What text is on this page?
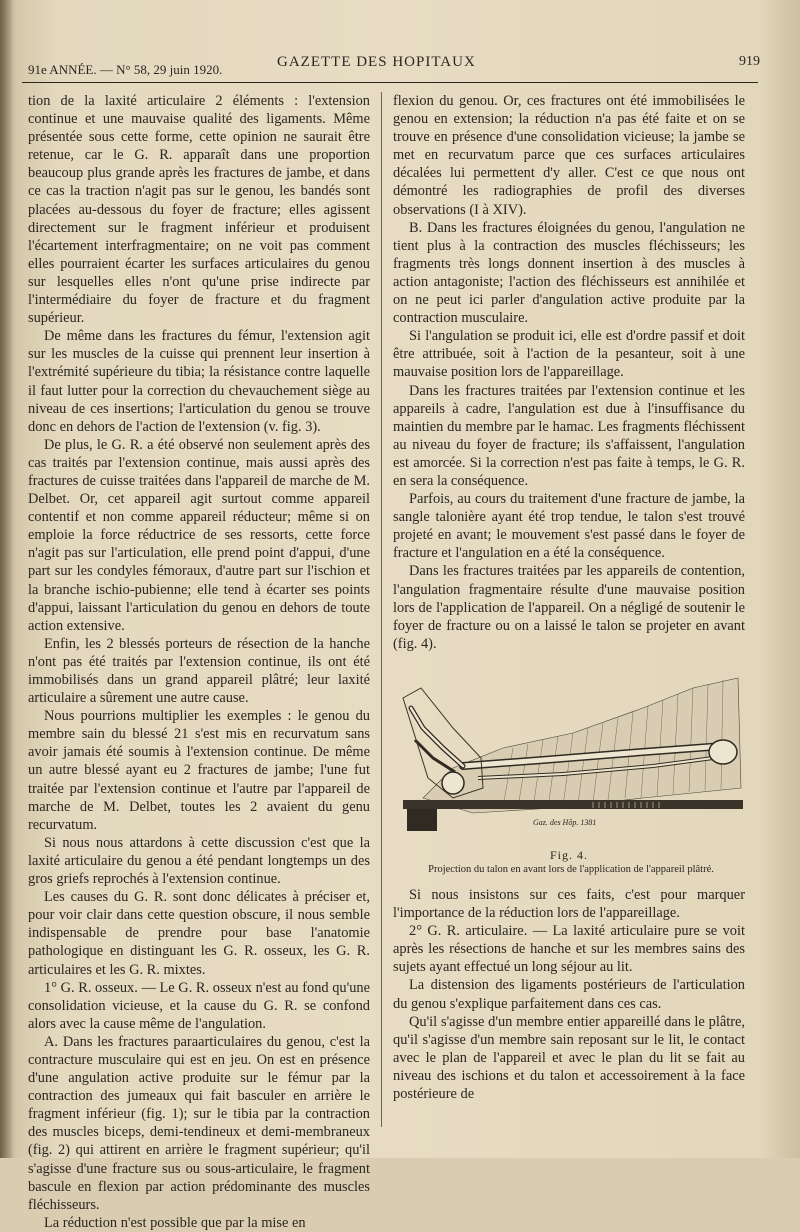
91e ANNÉE. — N° 58, 29 juin 1920.	GAZETTE DES HOPITAUX	919

tion de la laxité articulaire 2 éléments : l'extension continue et une mauvaise qualité des ligaments. Même présentée sous cette forme, cette opinion ne saurait être retenue, car le G. R. apparaît dans une proportion beaucoup plus grande après les fractures de jambe, et dans ce cas la traction n'agit pas sur le genou, les bandés sont placées au-dessous du foyer de fracture; elles agissent directement sur le fragment inférieur et produisent l'écartement interfragmentaire; on ne voit pas comment elles pourraient écarter les surfaces articulaires du genou sur lesquelles elles n'ont qu'une prise indirecte par l'intermédiaire du foyer de fracture et du fragment supérieur.

De même dans les fractures du fémur, l'extension agit sur les muscles de la cuisse qui prennent leur insertion à l'extrémité supérieure du tibia; la résistance contre laquelle il faut lutter pour la correction du chevauchement siège au niveau de ces insertions; l'articulation du genou se trouve donc en dehors de l'action de l'extension (v. fig. 3).

De plus, le G. R. a été observé non seulement après des cas traités par l'extension continue, mais aussi après des fractures de cuisse traitées dans l'appareil de marche de M. Delbet. Or, cet appareil agit surtout comme appareil contentif et non comme appareil réducteur; même si on emploie la force réductrice de ses ressorts, cette force n'agit pas sur l'articulation, elle prend point d'appui, d'une part sur les condyles fémoraux, d'autre part sur l'ischion et la branche ischio-pubienne; elle tend à écarter ses points d'appui, laissant l'articulation du genou en dehors de toute action extensive.

Enfin, les 2 blessés porteurs de résection de la hanche n'ont pas été traités par l'extension continue, ils ont été immobilisés dans un grand appareil plâtré; leur laxité articulaire a sûrement une autre cause.

Nous pourrions multiplier les exemples : le genou du membre sain du blessé 21 s'est mis en recurvatum sans avoir jamais été soumis à l'extension continue. De même un autre blessé ayant eu 2 fractures de jambe; l'une fut traitée par l'extension continue et l'autre par l'appareil de marche de M. Delbet, toutes les 2 avaient du genu recurvatum.

Si nous nous attardons à cette discussion c'est que la laxité articulaire du genou a été pendant longtemps un des gros griefs reprochés à l'extension continue.

Les causes du G. R. sont donc délicates à préciser et, pour voir clair dans cette question obscure, il nous semble indispensable de prendre pour base l'anatomie pathologique en distinguant les G. R. osseux, les G. R. articulaires et les G. R. mixtes.

1° G. R. osseux. — Le G. R. osseux n'est au fond qu'une consolidation vicieuse, et la cause du G. R. se confond alors avec la cause même de l'angulation.

A. Dans les fractures paraarticulaires du genou, c'est la contracture musculaire qui est en jeu. On est en présence d'une angulation active produite sur le fémur par la contraction des jumeaux qui fait basculer en arrière le fragment inférieur (fig. 1); sur le tibia par la contraction des muscles biceps, demi-tendineux et demi-membraneux (fig. 2) qui attirent en arrière le fragment supérieur; qu'il s'agisse d'une fracture sus ou sous-articulaire, le fragment bascule en flexion par action prédominante des muscles fléchisseurs.

La réduction n'est possible que par la mise en

flexion du genou. Or, ces fractures ont été immobilisées le genou en extension; la réduction n'a pas été faite et on se trouve en présence d'une consolidation vicieuse; la jambe se met en recurvatum parce que ces surfaces articulaires décalées lui permettent d'y aller. C'est ce que nous ont démontré les radiographies de profil des diverses observations (I à XIV).

B. Dans les fractures éloignées du genou, l'angulation ne tient plus à la contraction des muscles fléchisseurs; les fragments très longs donnent insertion à des muscles à action antagoniste; l'action des fléchisseurs est annihilée et on ne peut ici parler d'angulation active produite par la contraction musculaire.

Si l'angulation se produit ici, elle est d'ordre passif et doit être attribuée, soit à l'action de la pesanteur, soit à une mauvaise position lors de l'appareillage.

Dans les fractures traitées par l'extension continue et les appareils à cadre, l'angulation est due à l'insuffisance du maintien du membre par le hamac. Les fragments fléchissent au niveau du foyer de fracture; ils s'affaissent, l'angulation est amorcée. Si la correction n'est pas faite à temps, le G. R. en sera la conséquence.

Parfois, au cours du traitement d'une fracture de jambe, la sangle talonière ayant été trop tendue, le talon s'est trouvé projeté en avant; le mouvement s'est passé dans le foyer de fracture et l'angulation en a été la conséquence.

Dans les fractures traitées par les appareils de contention, l'angulation fragmentaire résulte d'une mauvaise position lors de l'application de l'appareil. On a négligé de soutenir le foyer de fracture ou on a laissé le talon se projeter en avant (fig. 4).

Gaz. des Hôp. 1381
Fig. 4.
Projection du talon en avant lors de l'application de l'appareil plâtré.

Si nous insistons sur ces faits, c'est pour marquer l'importance de la réduction lors de l'appareillage.

2° G. R. articulaire. — La laxité articulaire pure se voit après les résections de hanche et sur les membres sains des sujets ayant effectué un long séjour au lit.

La distension des ligaments postérieurs de l'articulation du genou s'explique parfaitement dans ces cas.

Qu'il s'agisse d'un membre entier appareillé dans le plâtre, qu'il s'agisse d'un membre sain reposant sur le lit, le contact avec le plan de l'appareil et avec le plan du lit se fait au niveau des ischions et du talon et accessoirement à la face postérieure de
